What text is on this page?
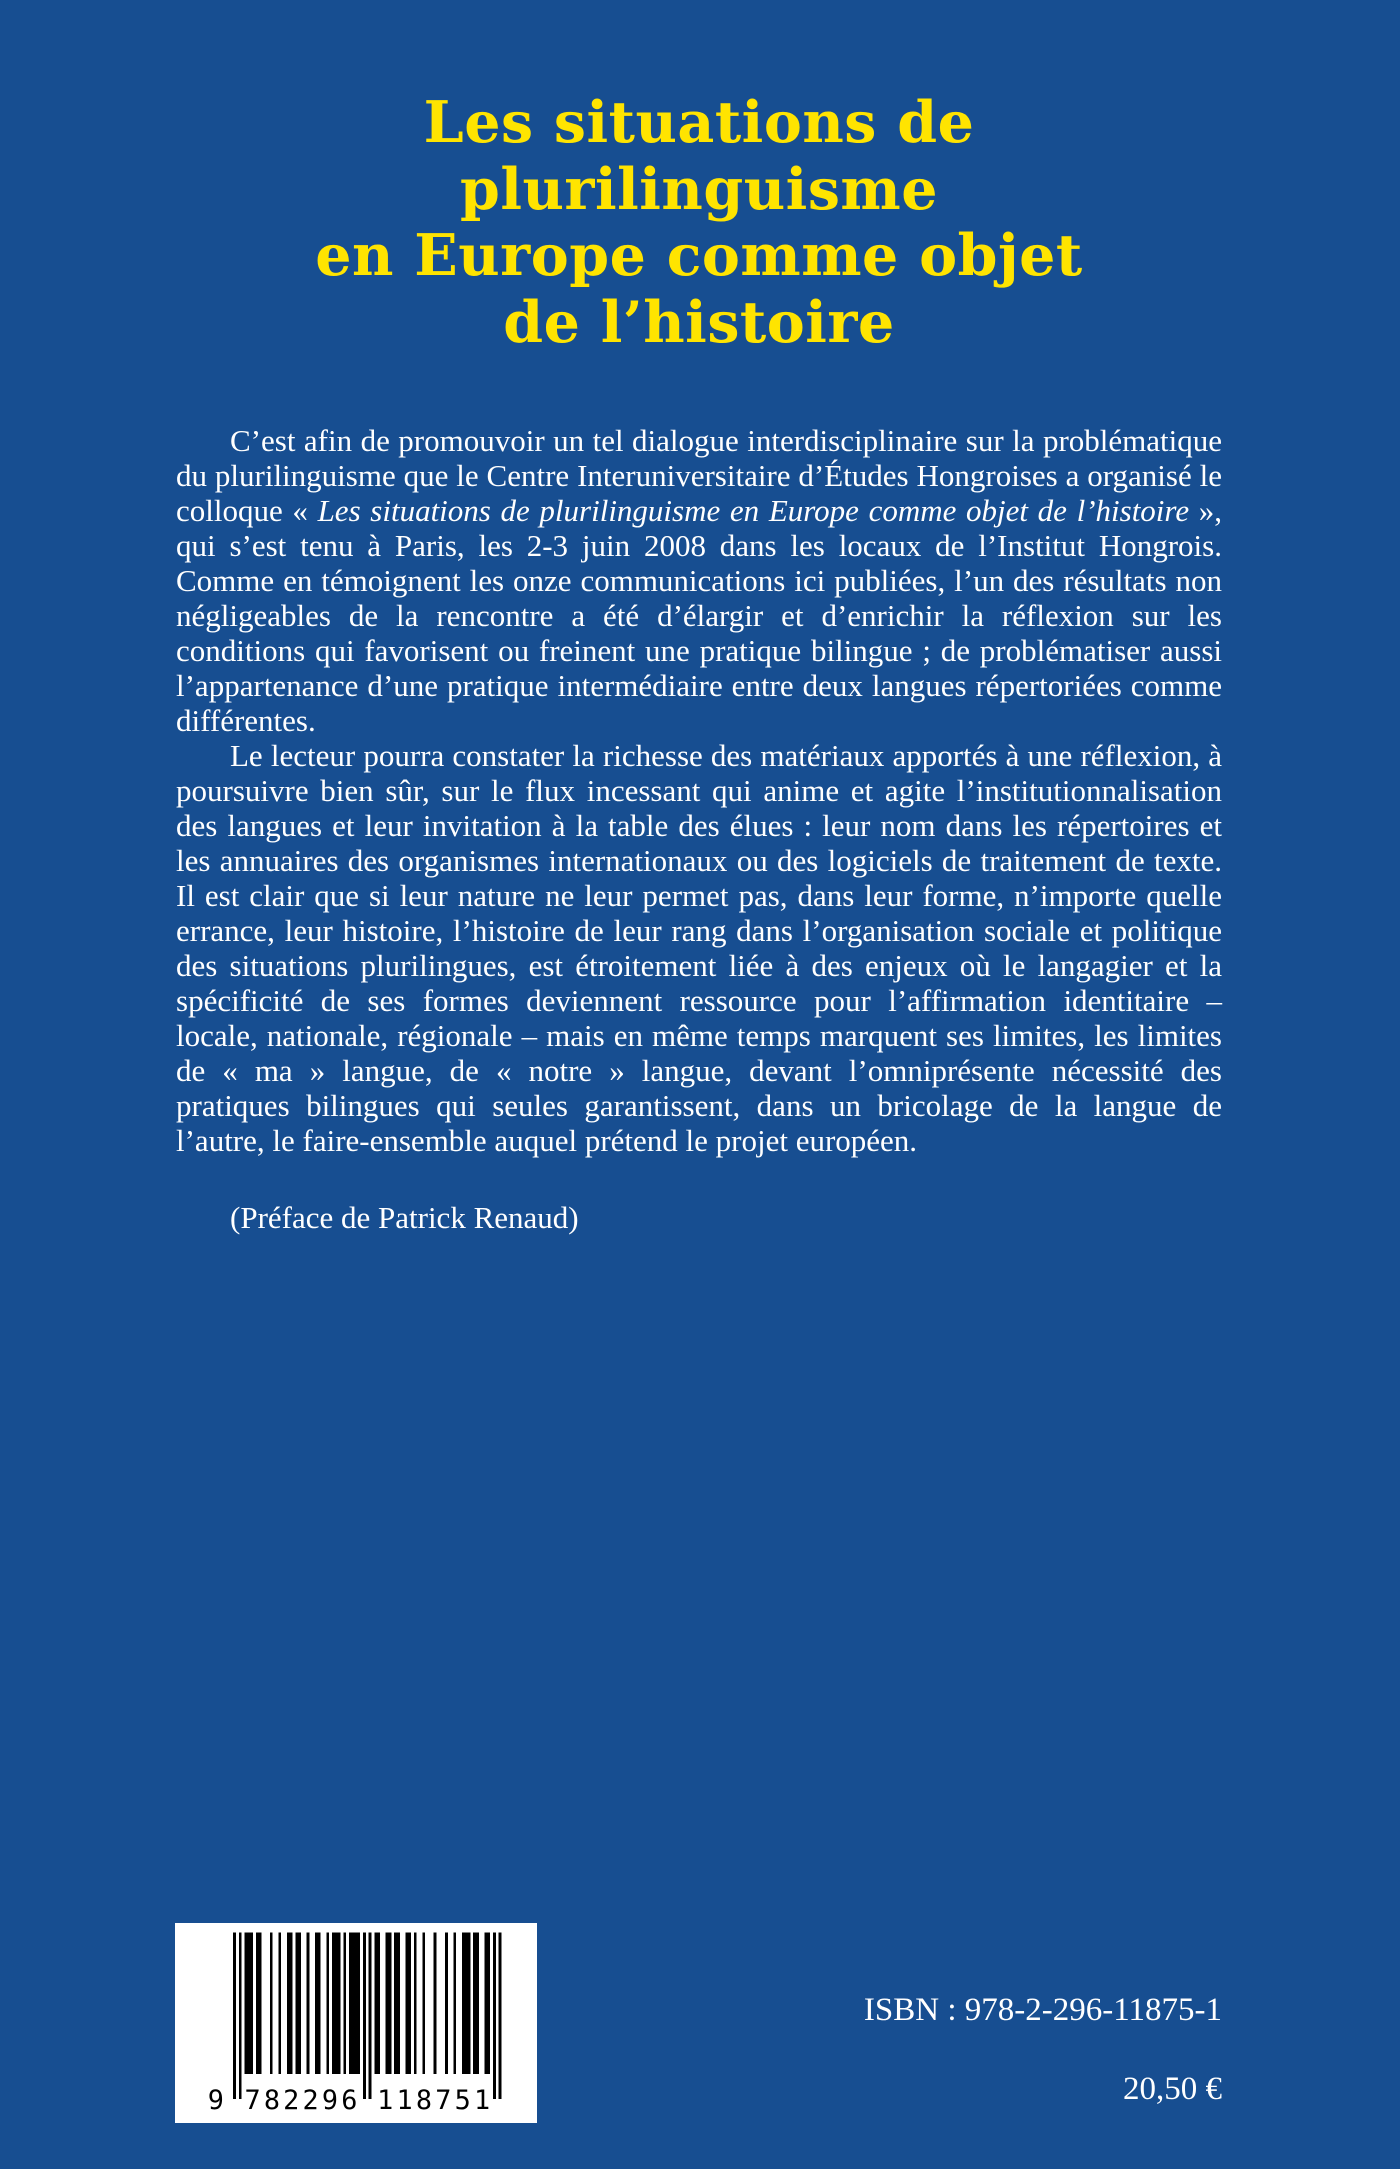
Les situations de plurilinguisme
en Europe comme objet
de l’histoire

C’est afin de promouvoir un tel dialogue interdisciplinaire sur la problématique du plurilinguisme que le Centre Interuniversitaire d’Études Hongroises a organisé le colloque « Les situations de plurilinguisme en Europe comme objet de l’histoire », qui s’est tenu à Paris, les 2-3 juin 2008 dans les locaux de l’Institut Hongrois. Comme en témoignent les onze communications ici publiées, l’un des résultats non négligeables de la rencontre a été d’élargir et d’enrichir la réflexion sur les conditions qui favorisent ou freinent une pratique bilingue ; de problématiser aussi l’appartenance d’une pratique intermédiaire entre deux langues répertoriées comme différentes.

Le lecteur pourra constater la richesse des matériaux apportés à une réflexion, à poursuivre bien sûr, sur le flux incessant qui anime et agite l’institutionnalisation des langues et leur invitation à la table des élues : leur nom dans les répertoires et les annuaires des organismes internationaux ou des logiciels de traitement de texte. Il est clair que si leur nature ne leur permet pas, dans leur forme, n’importe quelle errance, leur histoire, l’histoire de leur rang dans l’organisation sociale et politique des situations plurilingues, est étroitement liée à des enjeux où le langagier et la spécificité de ses formes deviennent ressource pour l’affirmation identitaire – locale, nationale, régionale – mais en même temps marquent ses limites, les limites de « ma » langue, de « notre » langue, devant l’omniprésente nécessité des pratiques bilingues qui seules garantissent, dans un bricolage de la langue de l’autre, le faire-ensemble auquel prétend le projet européen.

(Préface de Patrick Renaud)

9 782296 118751
ISBN : 978-2-296-11875-1
20,50 €
